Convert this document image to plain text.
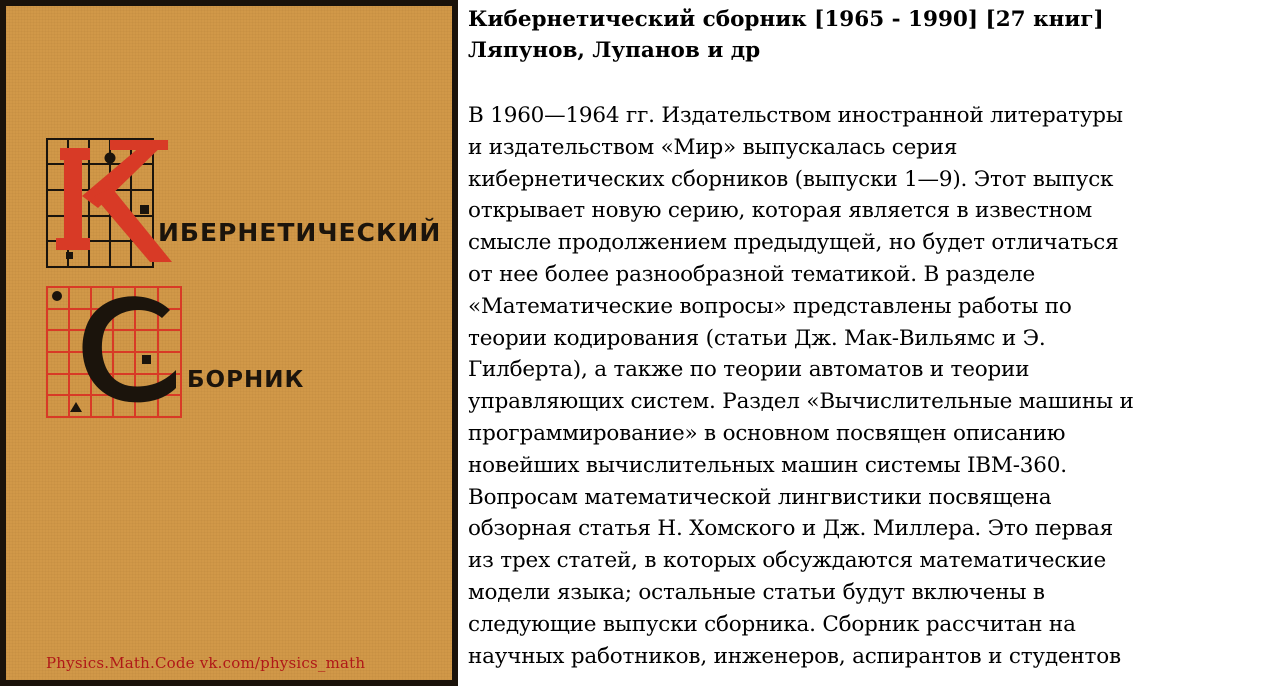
ИБЕРНЕТИЧЕСКИЙ
БОРНИК
Physics.Math.Code vk.com/physics_math

Кибернетический сборник [1965 - 1990] [27 книг]
Ляпунов, Лупанов и др

В 1960—1964 гг. Издательством иностранной литературы
и издательством «Мир» выпускалась серия
кибернетических сборников (выпуски 1—9). Этот выпуск
открывает новую серию, которая является в известном
смысле продолжением предыдущей, но будет отличаться
от нее более разнообразной тематикой. В разделе
«Математические вопросы» представлены работы по
теории кодирования (статьи Дж. Мак-Вильямс и Э.
Гилберта), а также по теории автоматов и теории
управляющих систем. Раздел «Вычислительные машины и
программирование» в основном посвящен описанию
новейших вычислительных машин системы IBM-360.
Вопросам математической лингвистики посвящена
обзорная статья Н. Хомского и Дж. Миллера. Это первая
из трех статей, в которых обсуждаются математические
модели языка; остальные статьи будут включены в
следующие выпуски сборника. Сборник рассчитан на
научных работников, инженеров, аспирантов и студентов
